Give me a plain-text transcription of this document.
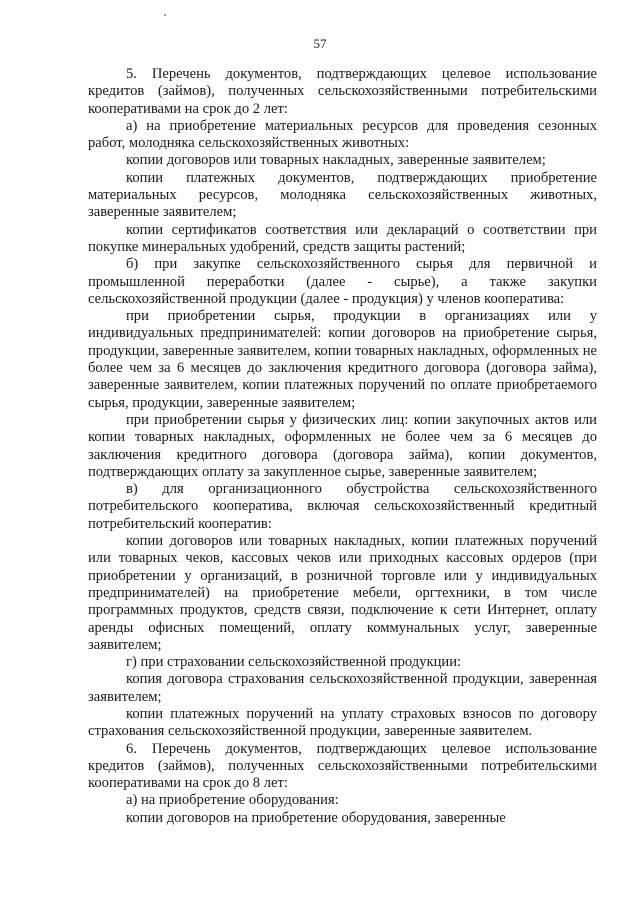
57

5. Перечень документов, подтверждающих целевое использование кредитов (займов), полученных сельскохозяйственными потребительскими кооперативами на срок до 2 лет:

а) на приобретение материальных ресурсов для проведения сезонных работ, молодняка сельскохозяйственных животных:

копии договоров или товарных накладных, заверенные заявителем;

копии платежных документов, подтверждающих приобретение материальных ресурсов, молодняка сельскохозяйственных животных, заверенные заявителем;

копии сертификатов соответствия или деклараций о соответствии при покупке минеральных удобрений, средств защиты растений;

б) при закупке сельскохозяйственного сырья для первичной и промышленной переработки (далее - сырье), а также закупки сельскохозяйственной продукции (далее - продукция) у членов кооператива:

при приобретении сырья, продукции в организациях или у индивидуальных предпринимателей: копии договоров на приобретение сырья, продукции, заверенные заявителем, копии товарных накладных, оформленных не более чем за 6 месяцев до заключения кредитного договора (договора займа), заверенные заявителем, копии платежных поручений по оплате приобретаемого сырья, продукции, заверенные заявителем;

при приобретении сырья у физических лиц: копии закупочных актов или копии товарных накладных, оформленных не более чем за 6 месяцев до заключения кредитного договора (договора займа), копии документов, подтверждающих оплату за закупленное сырье, заверенные заявителем;

в) для организационного обустройства сельскохозяйственного потребительского кооператива, включая сельскохозяйственный кредитный потребительский кооператив:

копии договоров или товарных накладных, копии платежных поручений или товарных чеков, кассовых чеков или приходных кассовых ордеров (при приобретении у организаций, в розничной торговле или у индивидуальных предпринимателей) на приобретение мебели, оргтехники, в том числе программных продуктов, средств связи, подключение к сети Интернет, оплату аренды офисных помещений, оплату коммунальных услуг, заверенные заявителем;

г) при страховании сельскохозяйственной продукции:

копия договора страхования сельскохозяйственной продукции, заверенная заявителем;

копии платежных поручений на уплату страховых взносов по договору страхования сельскохозяйственной продукции, заверенные заявителем.

6. Перечень документов, подтверждающих целевое использование кредитов (займов), полученных сельскохозяйственными потребительскими кооперативами на срок до 8 лет:

а) на приобретение оборудования:

копии договоров на приобретение оборудования, заверенные
